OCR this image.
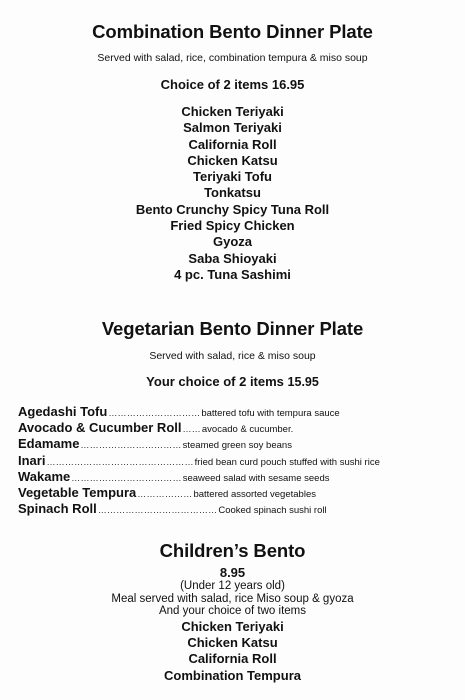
Combination Bento Dinner Plate
Served with salad, rice, combination tempura & miso soup
Choice of 2 items 16.95
Chicken Teriyaki
Salmon Teriyaki
California Roll
Chicken Katsu
Teriyaki Tofu
Tonkatsu
Bento Crunchy Spicy Tuna Roll
Fried Spicy Chicken
Gyoza
Saba Shioyaki
4 pc. Tuna Sashimi
Vegetarian Bento Dinner Plate
Served with salad, rice & miso soup
Your choice of 2 items 15.95
Agedashi Tofu ………………………… battered tofu with tempura sauce
Avocado & Cucumber Roll …… avocado & cucumber.
Edamame …………………………… steamed green soy beans
Inari ………………………………………… fried bean curd pouch stuffed with sushi rice
Wakame ……………………………… seaweed salad with sesame seeds
Vegetable Tempura ……………… battered assorted vegetables
Spinach Roll ………………………………… Cooked spinach sushi roll
Children’s Bento
8.95
(Under 12 years old)
Meal served with salad, rice Miso soup & gyoza
And your choice of two items
Chicken Teriyaki
Chicken Katsu
California Roll
Combination Tempura
